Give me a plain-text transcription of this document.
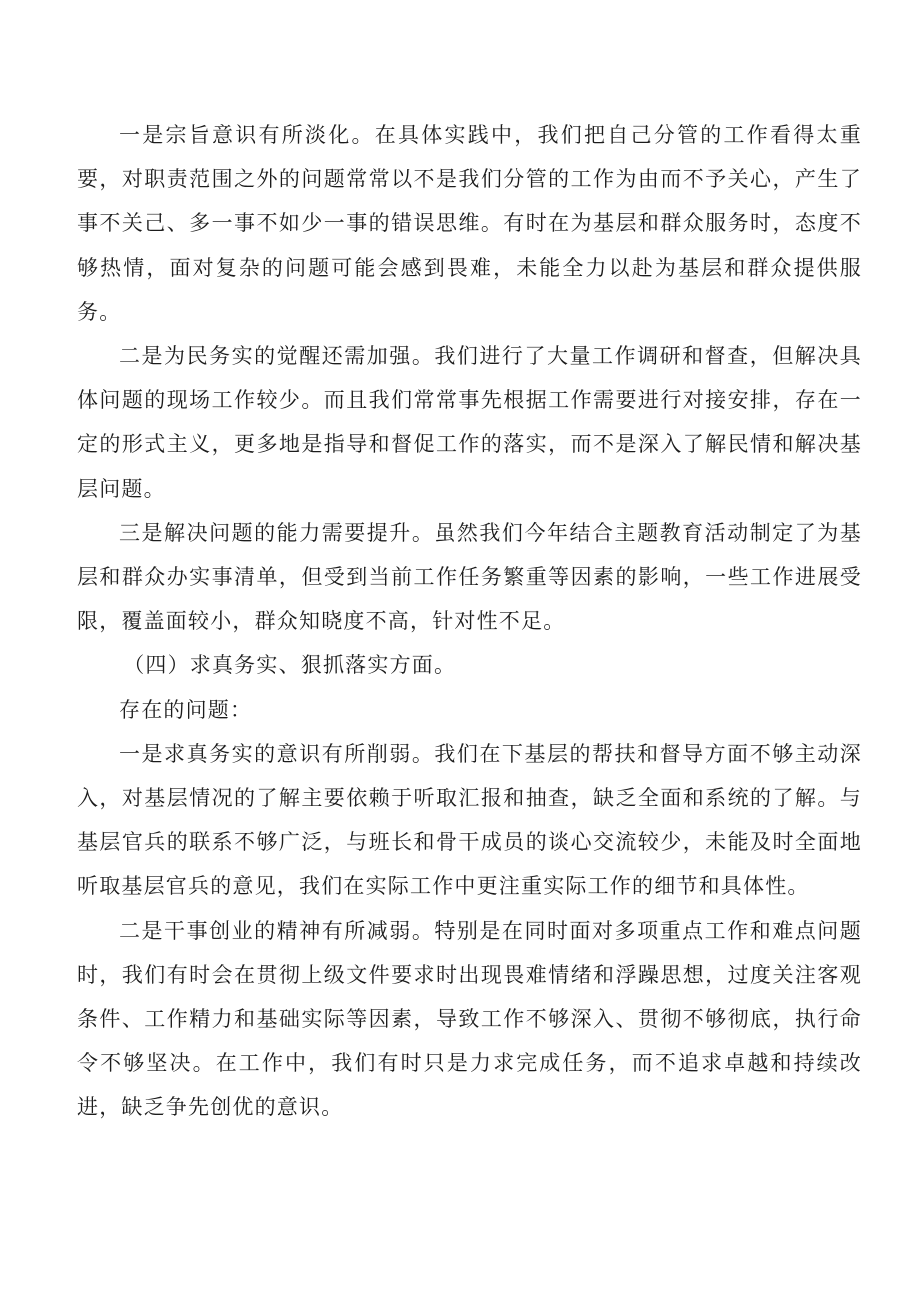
一是宗旨意识有所淡化。在具体实践中，我们把自己分管的工作看得太重要，对职责范围之外的问题常常以不是我们分管的工作为由而不予关心，产生了事不关己、多一事不如少一事的错误思维。有时在为基层和群众服务时，态度不够热情，面对复杂的问题可能会感到畏难，未能全力以赴为基层和群众提供服务。

二是为民务实的觉醒还需加强。我们进行了大量工作调研和督查，但解决具体问题的现场工作较少。而且我们常常事先根据工作需要进行对接安排，存在一定的形式主义，更多地是指导和督促工作的落实，而不是深入了解民情和解决基层问题。

三是解决问题的能力需要提升。虽然我们今年结合主题教育活动制定了为基层和群众办实事清单，但受到当前工作任务繁重等因素的影响，一些工作进展受限，覆盖面较小，群众知晓度不高，针对性不足。

（四）求真务实、狠抓落实方面。

存在的问题：

一是求真务实的意识有所削弱。我们在下基层的帮扶和督导方面不够主动深入，对基层情况的了解主要依赖于听取汇报和抽查，缺乏全面和系统的了解。与基层官兵的联系不够广泛，与班长和骨干成员的谈心交流较少，未能及时全面地听取基层官兵的意见，我们在实际工作中更注重实际工作的细节和具体性。

二是干事创业的精神有所减弱。特别是在同时面对多项重点工作和难点问题时，我们有时会在贯彻上级文件要求时出现畏难情绪和浮躁思想，过度关注客观条件、工作精力和基础实际等因素，导致工作不够深入、贯彻不够彻底，执行命令不够坚决。在工作中，我们有时只是力求完成任务，而不追求卓越和持续改进，缺乏争先创优的意识。
